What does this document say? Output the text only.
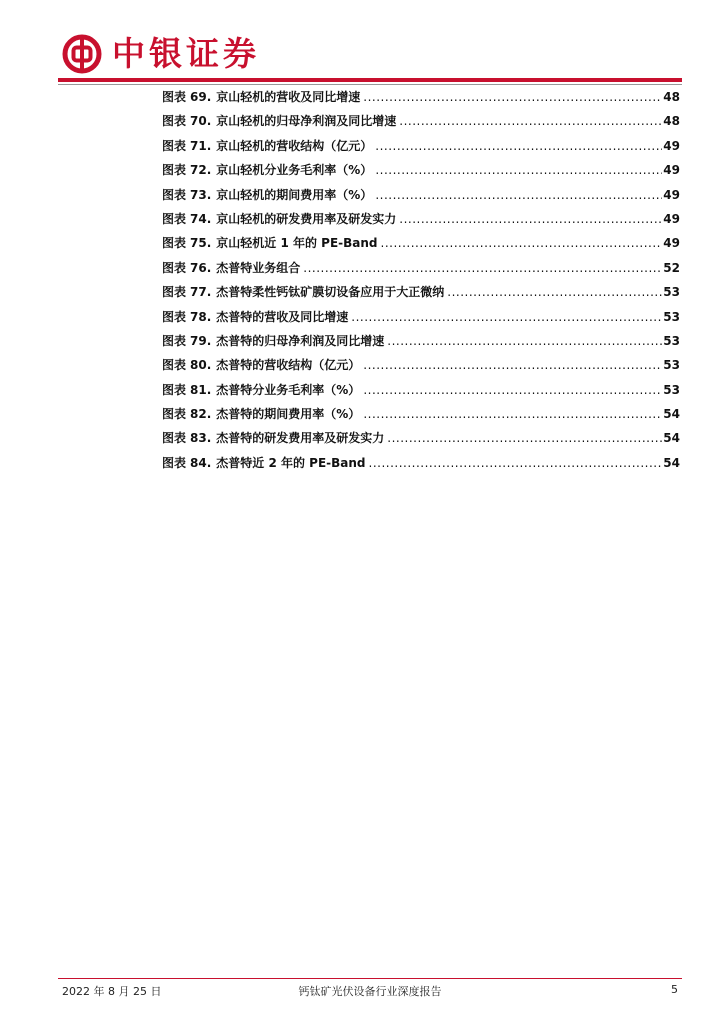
中银证券
图表 69. 京山轻机的营收及同比增速 .....	48
图表 70. 京山轻机的归母净利润及同比增速 .....	48
图表 71. 京山轻机的营收结构（亿元） .....	49
图表 72. 京山轻机分业务毛利率（%） .....	49
图表 73. 京山轻机的期间费用率（%） .....	49
图表 74. 京山轻机的研发费用率及研发实力 .....	49
图表 75. 京山轻机近 1 年的 PE-Band .....	49
图表 76. 杰普特业务组合 .....	52
图表 77. 杰普特柔性钙钛矿膜切设备应用于大正微纳 .....	53
图表 78. 杰普特的营收及同比增速 .....	53
图表 79. 杰普特的归母净利润及同比增速 .....	53
图表 80. 杰普特的营收结构（亿元） .....	53
图表 81. 杰普特分业务毛利率（%） .....	53
图表 82. 杰普特的期间费用率（%） .....	54
图表 83. 杰普特的研发费用率及研发实力 .....	54
图表 84. 杰普特近 2 年的 PE-Band .....	54
2022 年 8 月 25 日	钙钛矿光伏设备行业深度报告	5
